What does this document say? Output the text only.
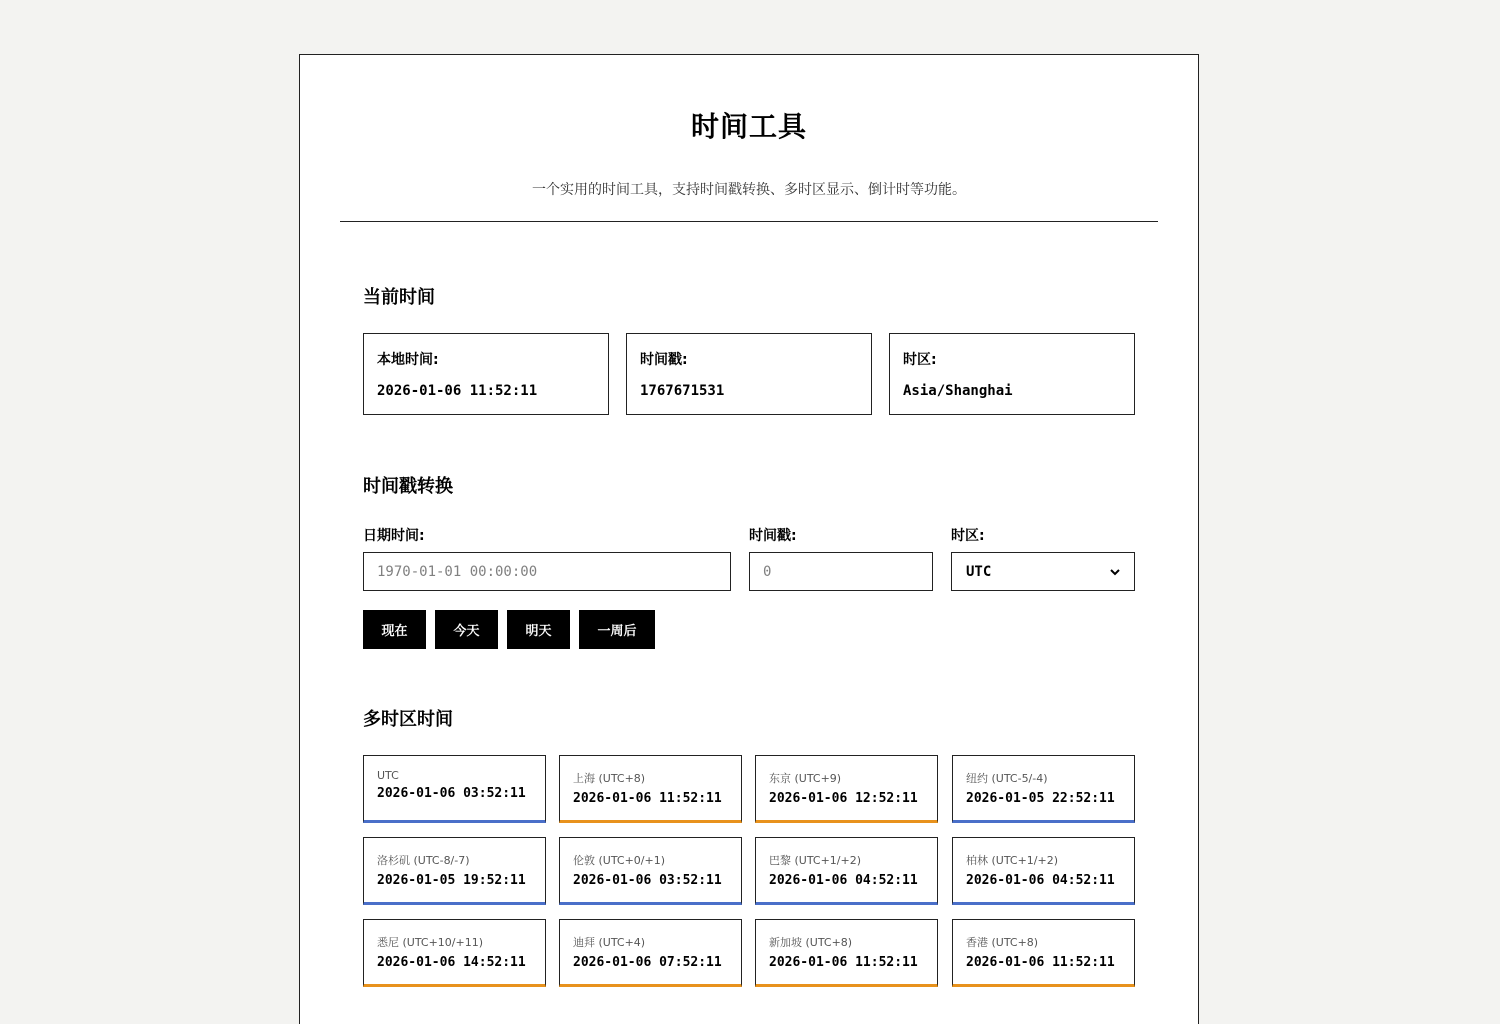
时间工具

一个实用的时间工具，支持时间戳转换、多时区显示、倒计时等功能。

当前时间
本地时间:
2026-01-06 11:52:11
时间戳:
1767671531
时区:
Asia/Shanghai
时间戳转换
日期时间:	时间戳:	时区:
1970-01-01 00:00:00
0
UTC
现在	今天	明天	一周后
多时区时间
UTC
2026-01-06 03:52:11
上海 (UTC+8)
2026-01-06 11:52:11
东京 (UTC+9)
2026-01-06 12:52:11
纽约 (UTC-5/-4)
2026-01-05 22:52:11
洛杉矶 (UTC-8/-7)
2026-01-05 19:52:11
伦敦 (UTC+0/+1)
2026-01-06 03:52:11
巴黎 (UTC+1/+2)
2026-01-06 04:52:11
柏林 (UTC+1/+2)
2026-01-06 04:52:11
悉尼 (UTC+10/+11)
2026-01-06 14:52:11
迪拜 (UTC+4)
2026-01-06 07:52:11
新加坡 (UTC+8)
2026-01-06 11:52:11
香港 (UTC+8)
2026-01-06 11:52:11
